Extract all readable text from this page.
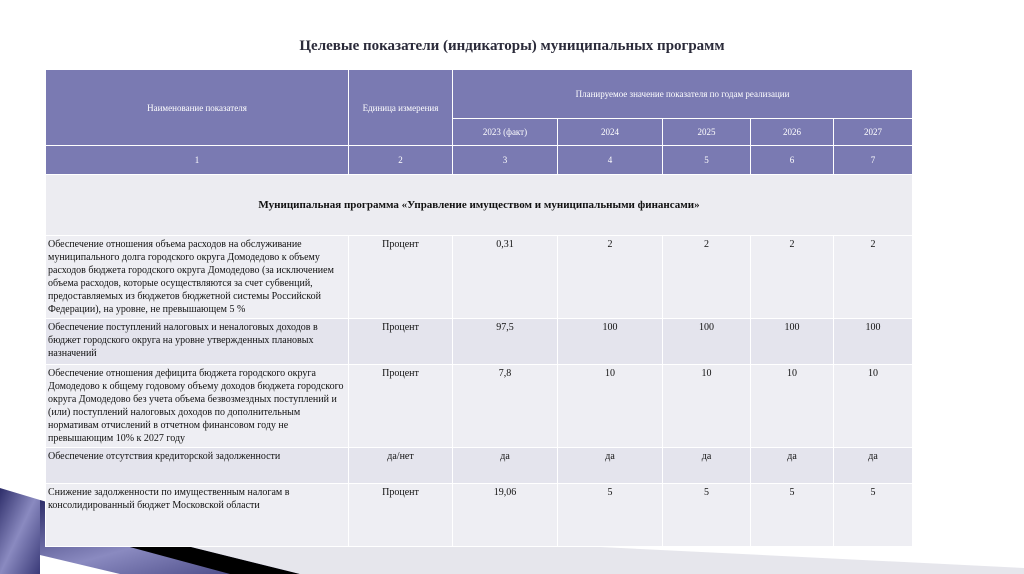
Целевые показатели (индикаторы) муниципальных программ
Наименование показателя	Единица измерения	Планируемое значение показателя по годам реализации				
		2023 (факт)	2024	2025	2026	2027
1	2	3	4	5	6	7
Муниципальная программа «Управление имуществом и муниципальными финансами»						
Обеспечение отношения объема расходов на обслуживание муниципального долга городского округа Домодедово к объему расходов бюджета городского округа Домодедово (за исключением объема расходов, которые осуществляются за счет субвенций, предоставляемых из бюджетов бюджетной системы Российской Федерации), на уровне, не превышающем 5 %	Процент	0,31	2	2	2	2
Обеспечение поступлений налоговых и неналоговых доходов в бюджет городского округа на уровне утвержденных плановых назначений	Процент	97,5	100	100	100	100
Обеспечение отношения дефицита бюджета городского округа Домодедово к общему годовому объему доходов бюджета городского округа Домодедово без учета объема безвозмездных поступлений и (или) поступлений налоговых доходов по дополнительным нормативам отчислений в отчетном финансовом году не превышающим 10% к 2027 году	Процент	7,8	10	10	10	10
Обеспечение отсутствия кредиторской задолженности	да/нет	да	да	да	да	да
Снижение задолженности по имущественным налогам в консолидированный бюджет Московской области	Процент	19,06	5	5	5	5
